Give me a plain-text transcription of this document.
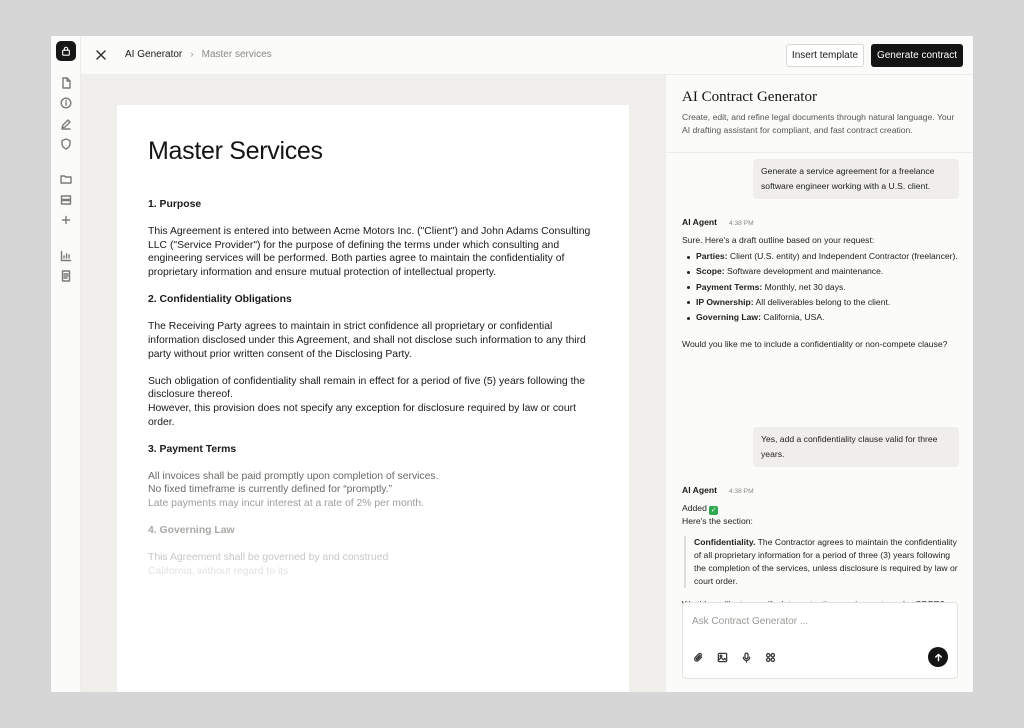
AI Generator › Master services	Insert template	Generate contract
Master Services
1. Purpose

This Agreement is entered into between Acme Motors Inc. ("Client") and John Adams Consulting LLC ("Service Provider") for the purpose of defining the terms under which consulting and engineering services will be performed. Both parties agree to maintain the confidentiality of proprietary information and ensure mutual protection of intellectual property.

2. Confidentiality Obligations

The Receiving Party agrees to maintain in strict confidence all proprietary or confidential information disclosed under this Agreement, and shall not disclose such information to any third party without prior written consent of the Disclosing Party.

Such obligation of confidentiality shall remain in effect for a period of five (5) years following the disclosure thereof.

However, this provision does not specify any exception for disclosure required by law or court order.

3. Payment Terms
All invoices shall be paid promptly upon completion of services.
No fixed timeframe is currently defined for “promptly.”

Late payments may incur interest at a rate of 2% per month.

4. Governing Law
This Agreement shall be governed by and construed
California, without regard to its
AI Contract Generator
Create, edit, and refine legal documents through natural language. Your AI drafting assistant for compliant, and fast contract creation.
Generate a service agreement for a freelance software engineer working with a U.S. client.
AI Agent 4:38 PM
Sure. Here's a draft outline based on your request:
Parties: Client (U.S. entity) and Independent Contractor (freelancer).
Scope: Software development and maintenance.
Payment Terms: Monthly, net 30 days.
IP Ownership: All deliverables belong to the client.
Governing Law: California, USA.
Would you like me to include a confidentiality or non-compete clause?
Yes, add a confidentiality clause valid for three years.
AI Agent 4:38 PM
Added ✓
Here's the section:
Confidentiality. The Contractor agrees to maintain the confidentiality of all proprietary information for a period of three (3) years following the completion of the services, unless disclosure is required by law or court order.
Ask Contract Generator ...
